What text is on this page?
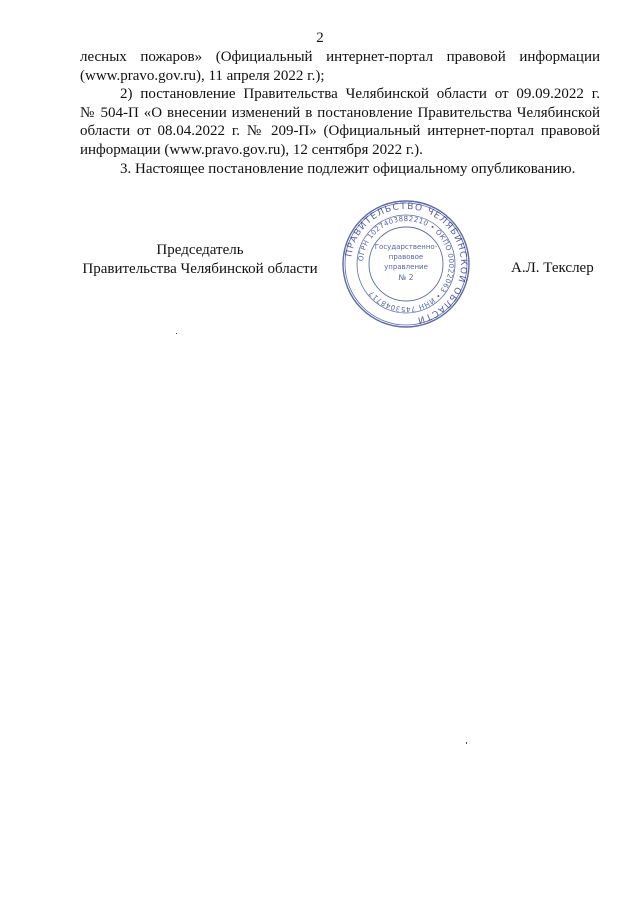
2

лесных пожаров» (Официальный интернет-портал правовой информации
(www.pravo.gov.ru), 11 апреля 2022 г.);

2) постановление Правительства Челябинской области от 09.09.2022 г.
№ 504-П «О внесении изменений в постановление Правительства Челябинской
области от 08.04.2022 г. № 209-П» (Официальный интернет-портал правовой
информации (www.pravo.gov.ru), 12 сентября 2022 г.).

3. Настоящее постановление подлежит официальному опубликованию.

Председатель
Правительства Челябинской области	А.Л. Текслер
ПРАВИТЕЛЬСТВО ЧЕЛЯБИНСКОЙ ОБЛАСТИ
ОГРН 1027403882210 • ОКПО 00022063 • ИНН 7453048717
Государственно-
правовое
управление
№ 2
